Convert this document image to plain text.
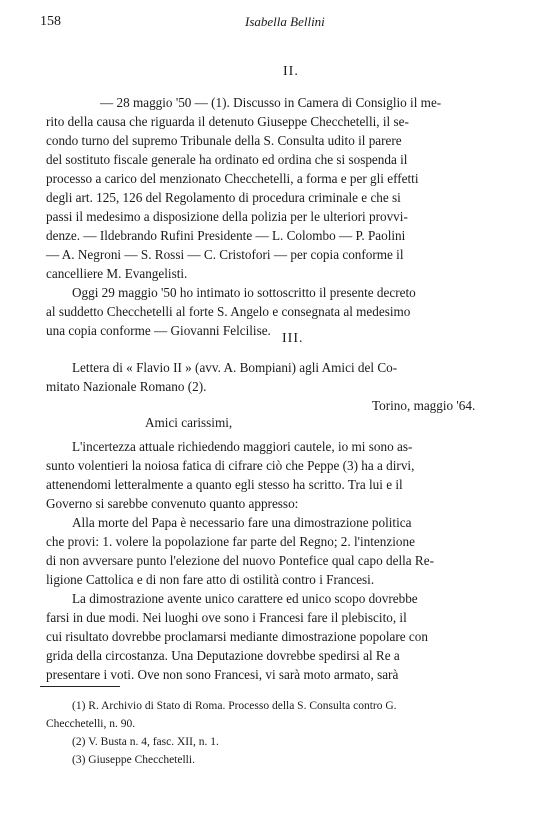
158	Isabella Bellini
II.
— 28 maggio '50 — (1). Discusso in Camera di Consiglio il me-
rito della causa che riguarda il detenuto Giuseppe Checchetelli, il se-
condo turno del supremo Tribunale della S. Consulta udito il parere
del sostituto fiscale generale ha ordinato ed ordina che si sospenda il
processo a carico del menzionato Checchetelli, a forma e per gli effetti
degli art. 125, 126 del Regolamento di procedura criminale e che si
passi il medesimo a disposizione della polizia per le ulteriori provvi-
denze. — Ildebrando Rufini Presidente — L. Colombo — P. Paolini
— A. Negroni — S. Rossi — C. Cristofori — per copia conforme il
cancelliere M. Evangelisti.
Oggi 29 maggio '50 ho intimato io sottoscritto il presente decreto
al suddetto Checchetelli al forte S. Angelo e consegnata al medesimo
una copia conforme — Giovanni Felcilise.
III.
Lettera di « Flavio II » (avv. A. Bompiani) agli Amici del Co-
mitato Nazionale Romano (2).
Torino, maggio '64.
Amici carissimi,
L'incertezza attuale richiedendo maggiori cautele, io mi sono as-
sunto volentieri la noiosa fatica di cifrare ciò che Peppe (3) ha a dirvi,
attenendomi letteralmente a quanto egli stesso ha scritto. Tra lui e il
Governo si sarebbe convenuto quanto appresso:
Alla morte del Papa è necessario fare una dimostrazione politica
che provi: 1. volere la popolazione far parte del Regno; 2. l'intenzione
di non avversare punto l'elezione del nuovo Pontefice qual capo della Re-
ligione Cattolica e di non fare atto di ostilità contro i Francesi.
La dimostrazione avente unico carattere ed unico scopo dovrebbe
farsi in due modi. Nei luoghi ove sono i Francesi fare il plebiscito, il
cui risultato dovrebbe proclamarsi mediante dimostrazione popolare con
grida della circostanza. Una Deputazione dovrebbe spedirsi al Re a
presentare i voti. Ove non sono Francesi, vi sarà moto armato, sarà
(1) R. Archivio di Stato di Roma. Processo della S. Consulta contro G.
Checchetelli, n. 90.
(2) V. Busta n. 4, fasc. XII, n. 1.
(3) Giuseppe Checchetelli.
